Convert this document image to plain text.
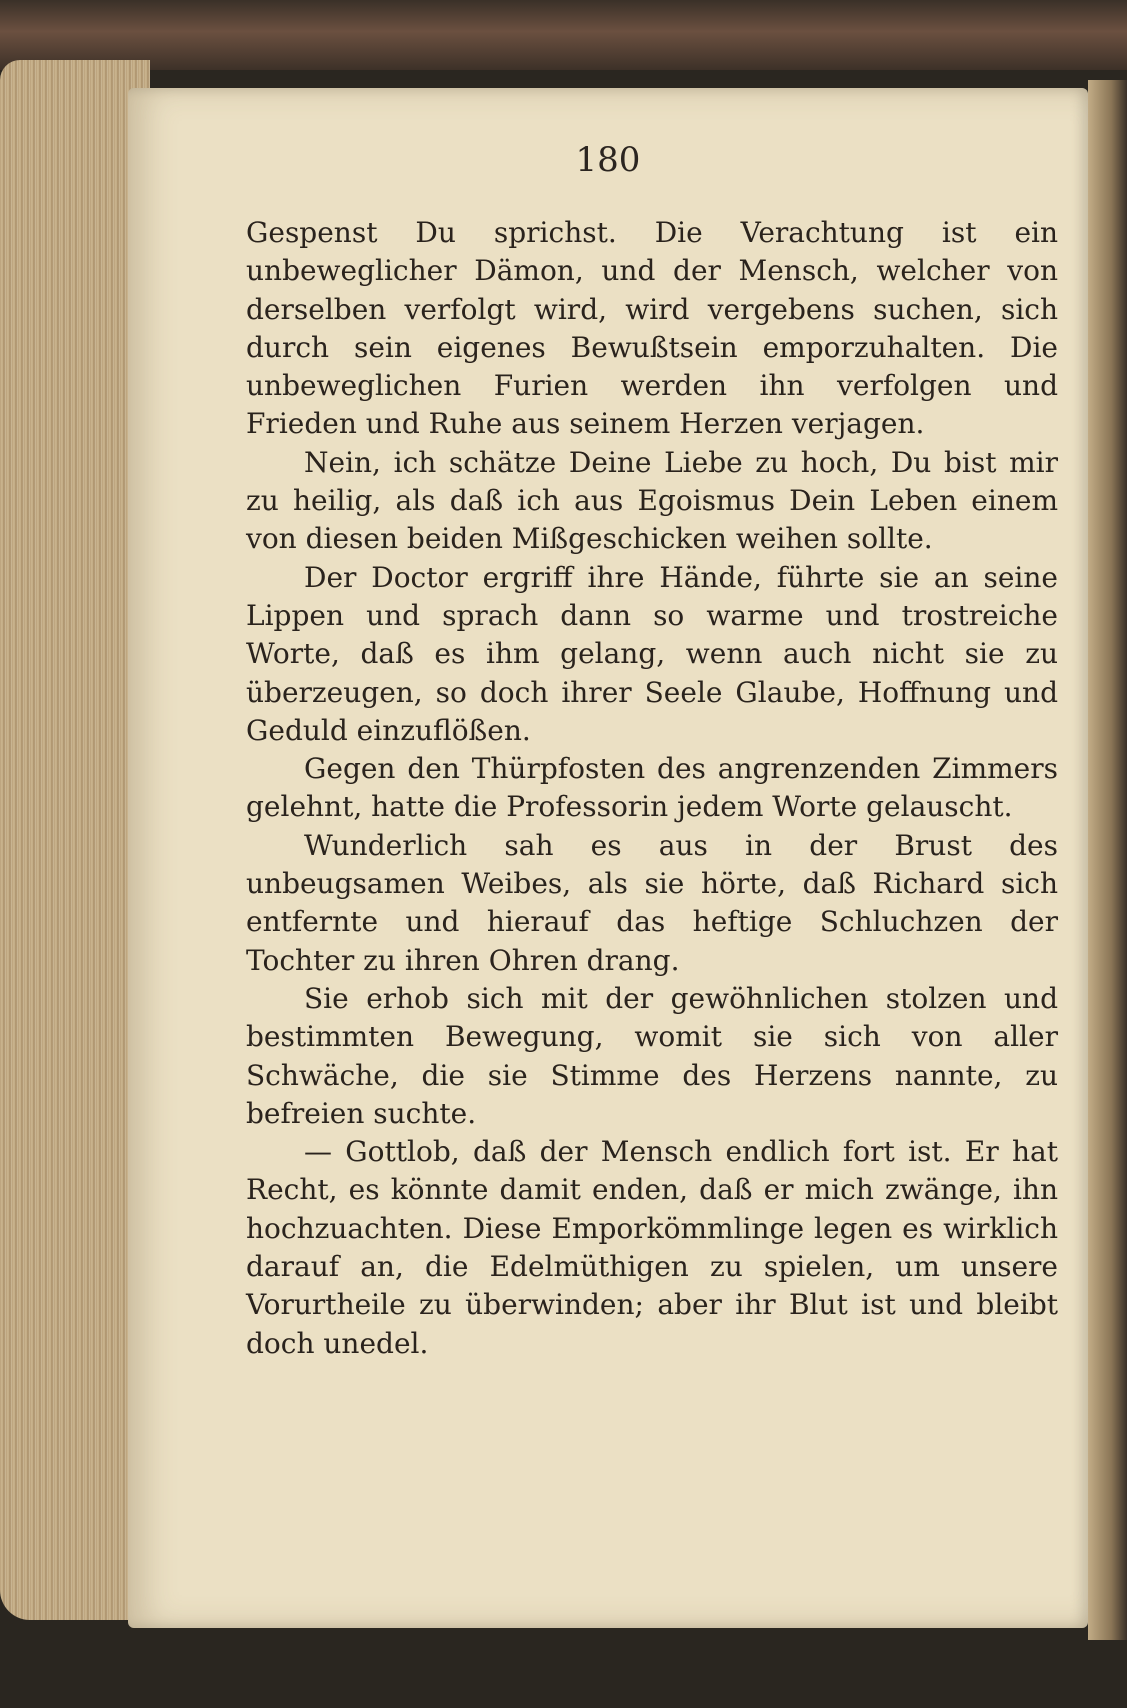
180

Gespenst Du sprichst. Die Verachtung ist ein unbeweglicher Dämon, und der Mensch, welcher von derselben verfolgt wird, wird vergebens suchen, sich durch sein eigenes Bewußtsein emporzuhalten. Die unbeweglichen Furien werden ihn verfolgen und Frieden und Ruhe aus seinem Herzen verjagen.

Nein, ich schätze Deine Liebe zu hoch, Du bist mir zu heilig, als daß ich aus Egoismus Dein Leben einem von diesen beiden Mißgeschicken weihen sollte.

Der Doctor ergriff ihre Hände, führte sie an seine Lippen und sprach dann so warme und trostreiche Worte, daß es ihm gelang, wenn auch nicht sie zu überzeugen, so doch ihrer Seele Glaube, Hoffnung und Geduld einzuflößen.

Gegen den Thürpfosten des angrenzenden Zimmers gelehnt, hatte die Professorin jedem Worte gelauscht.

Wunderlich sah es aus in der Brust des unbeugsamen Weibes, als sie hörte, daß Richard sich entfernte und hierauf das heftige Schluchzen der Tochter zu ihren Ohren drang.

Sie erhob sich mit der gewöhnlichen stolzen und bestimmten Bewegung, womit sie sich von aller Schwäche, die sie Stimme des Herzens nannte, zu befreien suchte.

— Gottlob, daß der Mensch endlich fort ist. Er hat Recht, es könnte damit enden, daß er mich zwänge, ihn hochzuachten. Diese Emporkömmlinge legen es wirklich darauf an, die Edelmüthigen zu spielen, um unsere Vorurtheile zu überwinden; aber ihr Blut ist und bleibt doch unedel.
